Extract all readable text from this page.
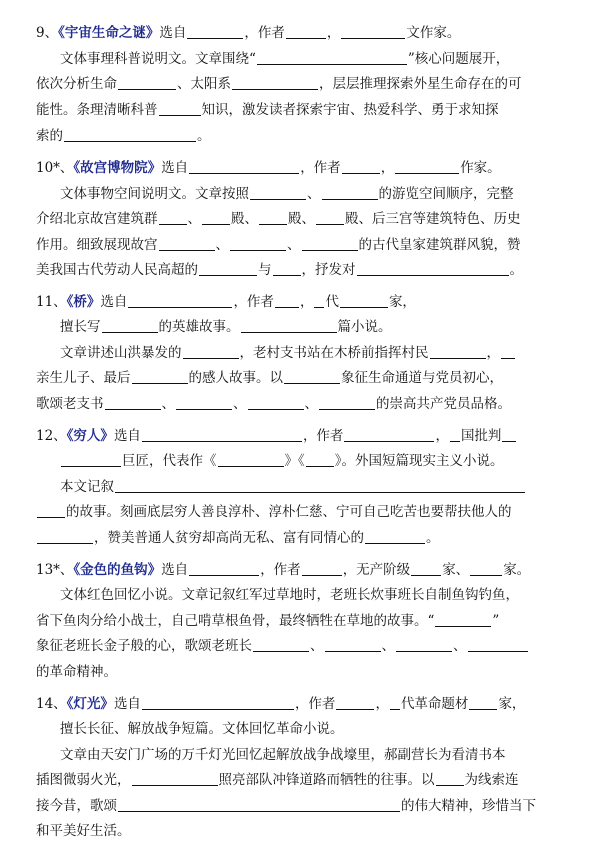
9、《宇宙生命之谜》选自	，作者	，	文作家。
文体事理科普说明文。文章围绕“	”核心问题展开，
依次分析生命	、太阳系	，层层推理探索外星生命存在的可
能性。条理清晰科普	知识，激发读者探索宇宙、热爱科学、勇于求知探
索的	。
10*、《故宫博物院》选自	，作者	，	作家。
文体事物空间说明文。文章按照	、	的游览空间顺序，完整
介绍北京故宫建筑群 、 殿、 殿、 殿、后三宫等建筑特色、历史
作用。细致展现故宫	、	、	的古代皇家建筑群风貌，赞
美我国古代劳动人民高超的	与 ，抒发对	。
11、《桥》选自	，作者 ， 代	家，
擅长写	的英雄故事。	篇小说。
文章讲述山洪暴发的	，老村支书站在木桥前指挥村民	，
亲生儿子、最后	的感人故事。以	象征生命通道与党员初心，
歌颂老支书	、	、	、	的崇高共产党员品格。
12、《穷人》选自	，作者	， 国批判
巨匠，代表作《	》《 》。外国短篇现实主义小说。
本文记叙
的故事。刻画底层穷人善良淳朴、淳朴仁慈、宁可自己吃苦也要帮扶他人的
，赞美普通人贫穷却高尚无私、富有同情心的	。
13*、《金色的鱼钩》选自	，作者	，无产阶级 家、	家。
文体红色回忆小说。文章记叙红军过草地时，老班长炊事班长自制鱼钩钓鱼，
省下鱼肉分给小战士，自己啃草根鱼骨，最终牺牲在草地的故事。“	”
象征老班长金子般的心，歌颂老班长	、	、	、
的革命精神。
14、《灯光》选自	，作者	， 代革命题材 家，
擅长长征、解放战争短篇。文体回忆革命小说。
文章由天安门广场的万千灯光回忆起解放战争战壕里，郝副营长为看清书本
插图微弱火光，	照亮部队冲锋道路而牺牲的往事。以 为线索连
接今昔，歌颂	的伟大精神，珍惜当下
和平美好生活。
